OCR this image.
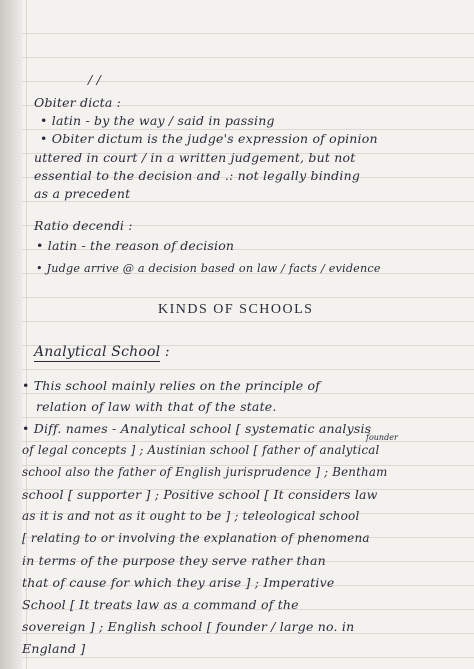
/ /
Obiter dicta :
• latin - by the way / said in passing
• Obiter dictum is the judge's expression of opinion
uttered in court / in a written judgement, but not
essential to the decision and .: not legally binding
as a precedent
Ratio decendi :
• latin - the reason of decision
• Judge arrive @ a decision based on law / facts / evidence
KINDS OF SCHOOLS
Analytical School :
• This school mainly relies on the principle of
relation of law with that of the state.
• Diff. names - Analytical school [ systematic analysis
founder
of legal concepts ] ; Austinian school [ father of analytical
school also the father of English jurisprudence ] ; Bentham
school [ supporter ] ; Positive school [ It considers law
as it is and not as it ought to be ] ; teleological school
[ relating to or involving the explanation of phenomena
in terms of the purpose they serve rather than
that of cause for which they arise ] ; Imperative
School [ It treats law as a command of the
sovereign ] ; English school [ founder / large no. in
England ]
